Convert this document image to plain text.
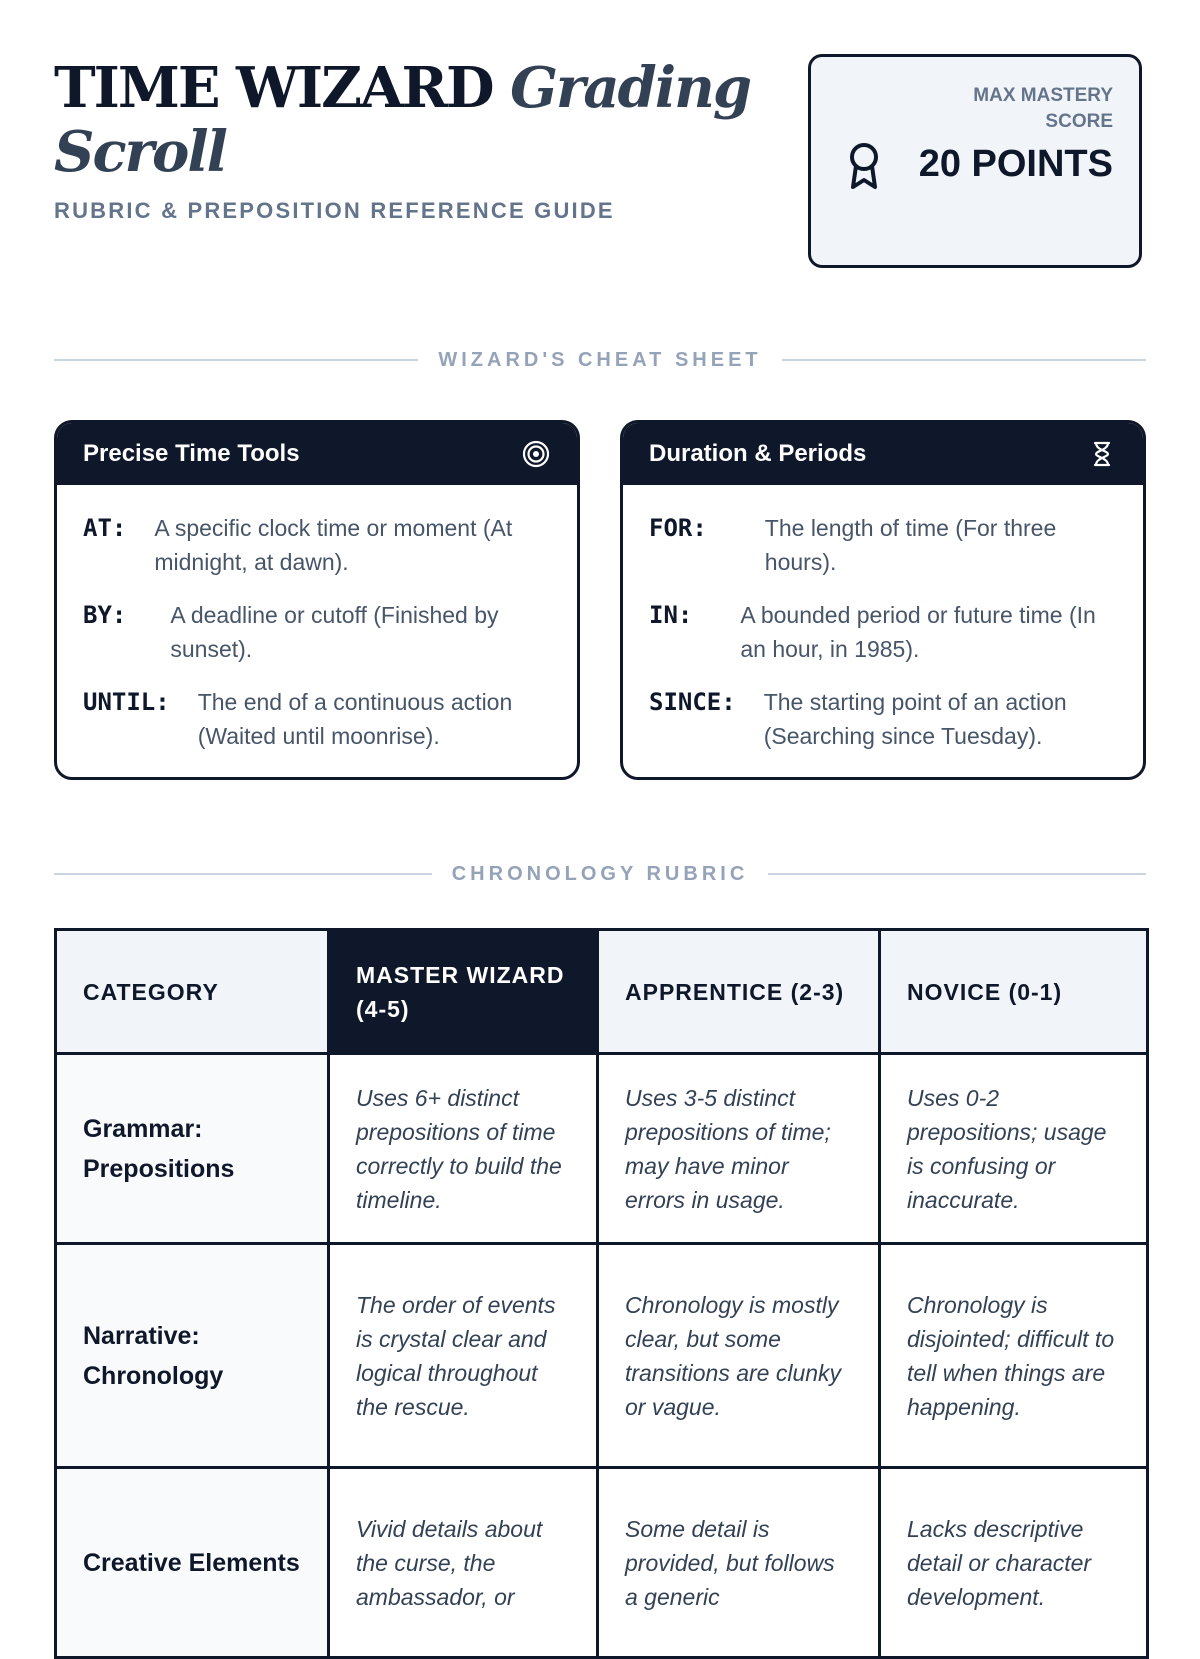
TIME WIZARD Grading Scroll
RUBRIC & PREPOSITION REFERENCE GUIDE
MAX MASTERY SCORE
20 POINTS
WIZARD'S CHEAT SHEET
Precise Time Tools
AT: A specific clock time or moment (At midnight, at dawn).
BY: A deadline or cutoff (Finished by sunset).
UNTIL: The end of a continuous action (Waited until moonrise).
Duration & Periods
FOR:	The length of time (For three hours).
IN: A bounded period or future time (In an hour, in 1985).
SINCE: The starting point of an action (Searching since Tuesday).
CHRONOLOGY RUBRIC
CATEGORY	MASTER WIZARD (4-5)	APPRENTICE (2-3)	NOVICE (0-1)
Grammar: Prepositions	Uses 6+ distinct prepositions of time correctly to build the timeline.	Uses 3-5 distinct prepositions of time; may have minor errors in usage.	Uses 0-2 prepositions; usage is confusing or inaccurate.
Narrative: Chronology	The order of events is crystal clear and logical throughout the rescue.	Chronology is mostly clear, but some transitions are clunky or vague.	Chronology is disjointed; difficult to tell when things are happening.
Creative Elements	Vivid details about the curse, the ambassador, or	Some detail is provided, but follows a generic	Lacks descriptive detail or character development.
